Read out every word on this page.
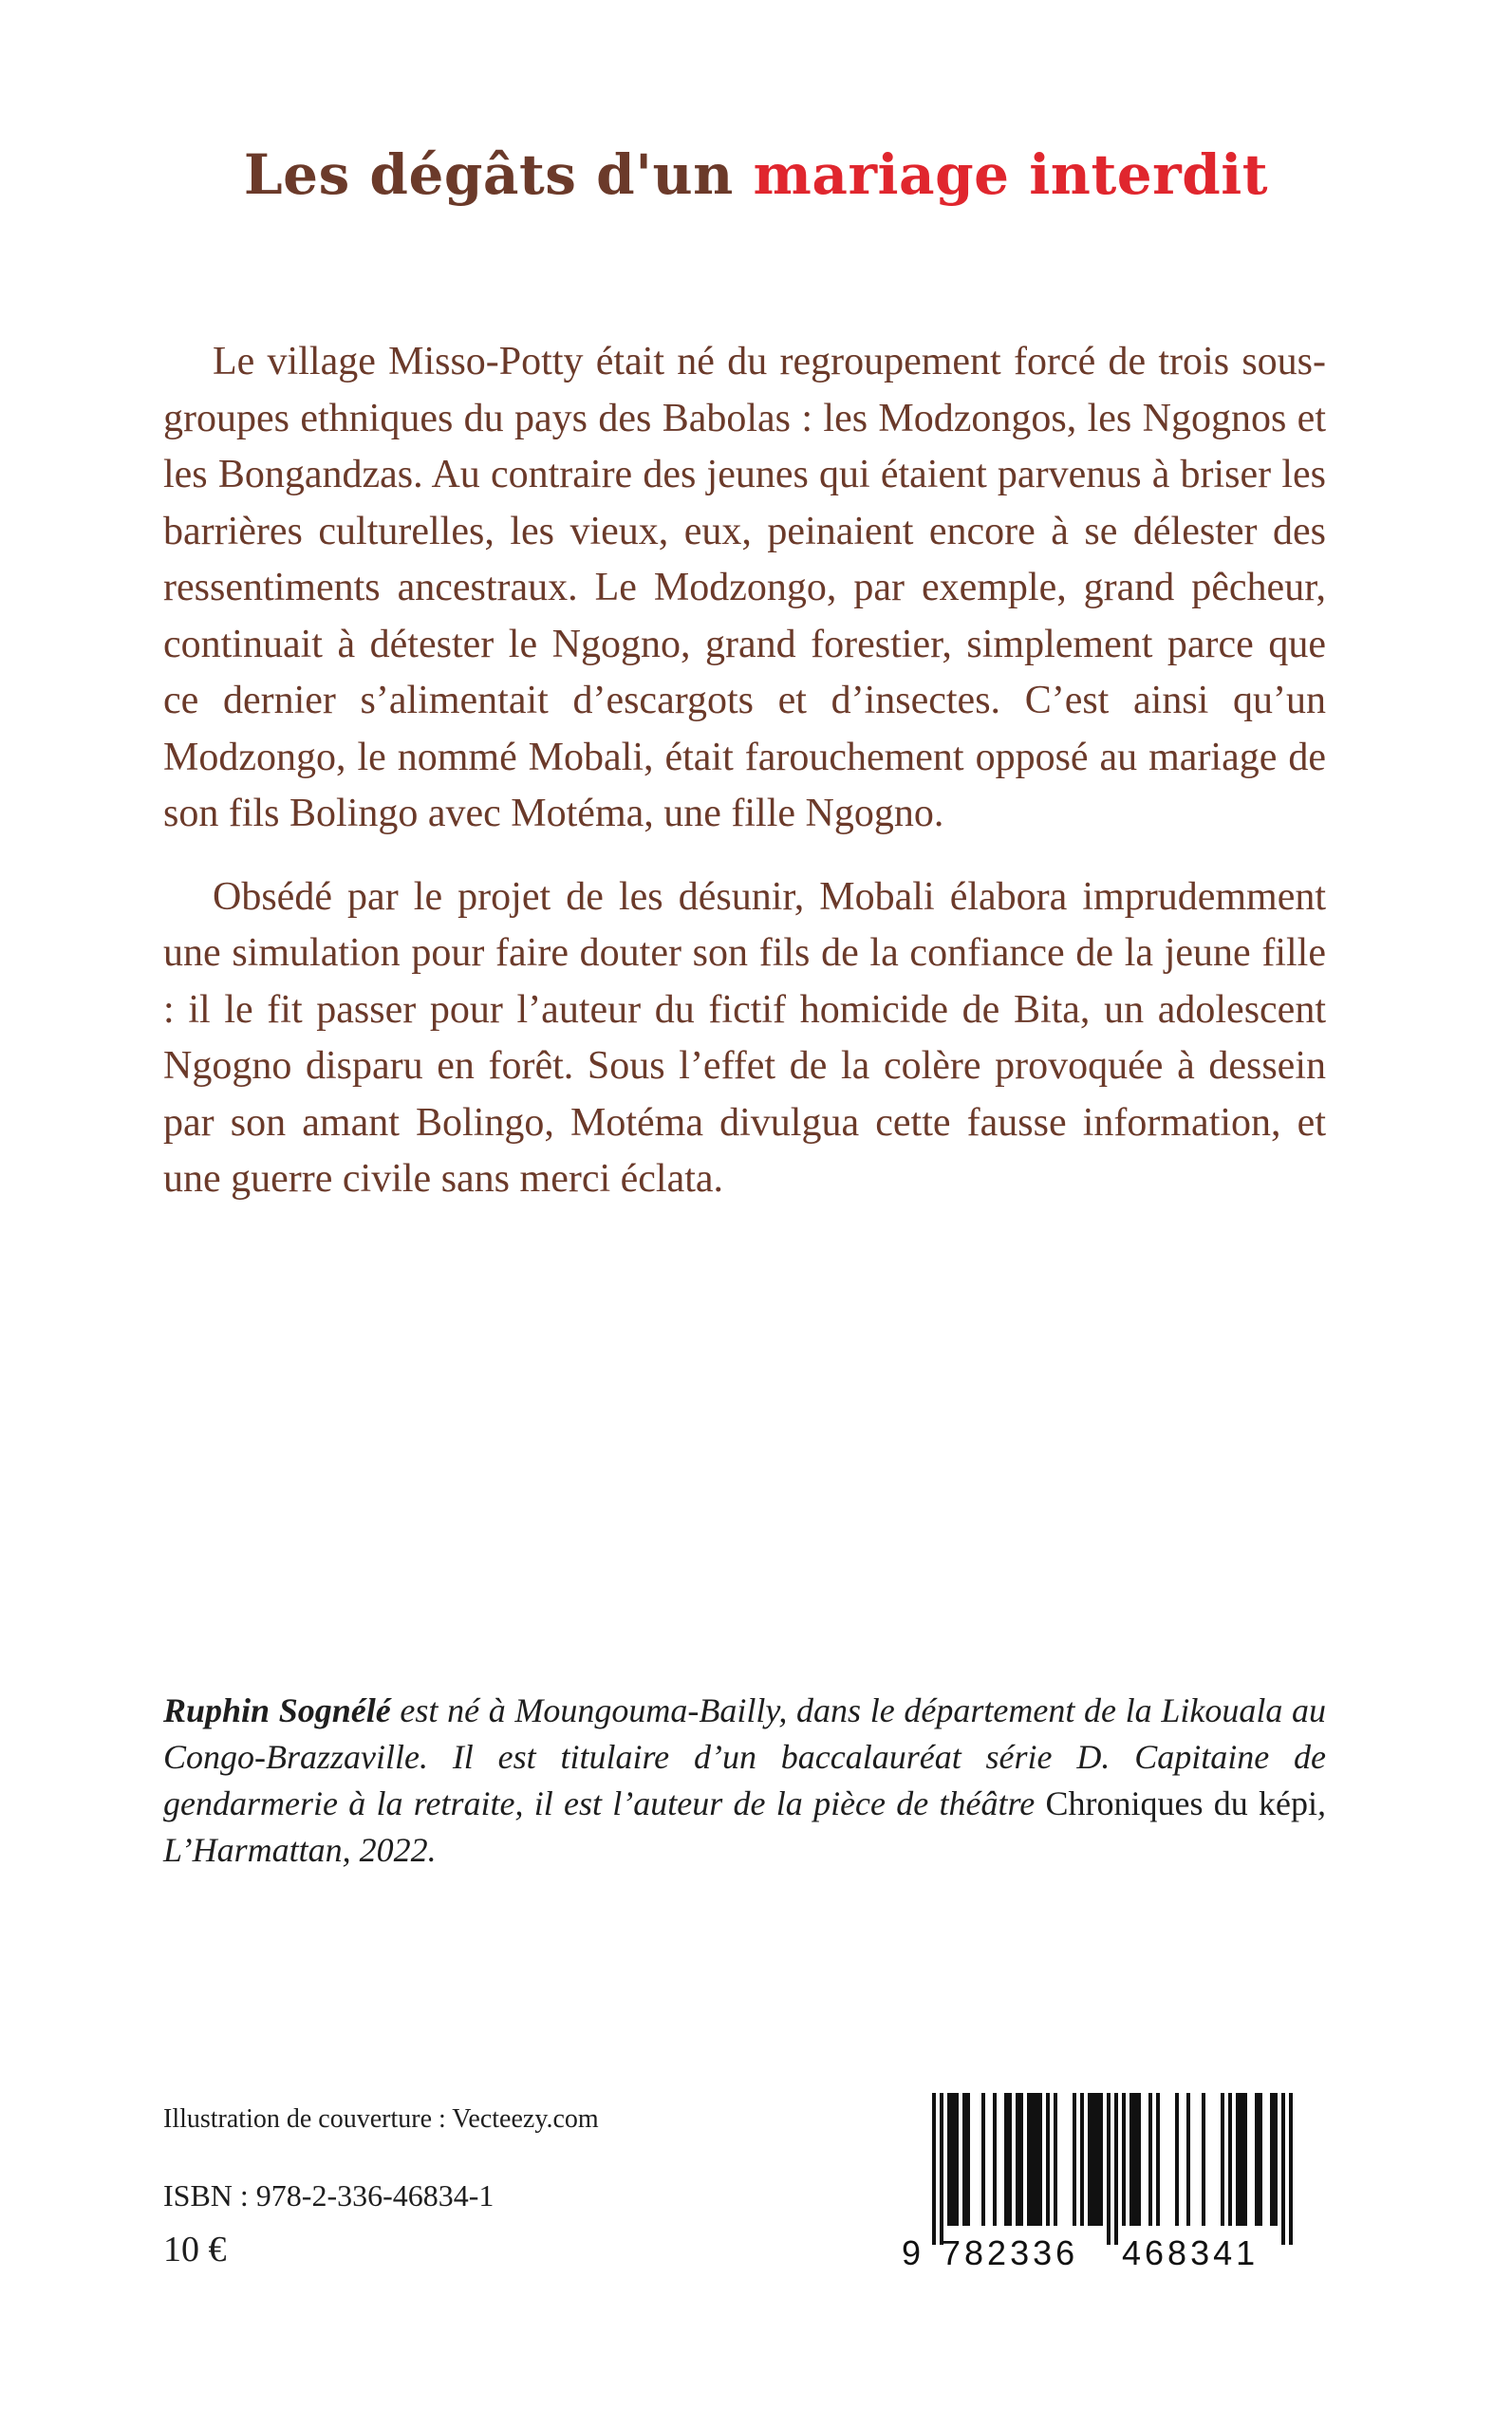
Les dégâts d'un mariage interdit

Le village Misso-Potty était né du regroupement forcé de trois sous-groupes ethniques du pays des Babolas : les Modzongos, les Ngognos et les Bongandzas. Au contraire des jeunes qui étaient parvenus à briser les barrières culturelles, les vieux, eux, peinaient encore à se délester des ressentiments ancestraux. Le Modzongo, par exemple, grand pêcheur, continuait à détester le Ngogno, grand forestier, simplement parce que ce dernier s’alimentait d’escargots et d’insectes. C’est ainsi qu’un Modzongo, le nommé Mobali, était farouchement opposé au mariage de son fils Bolingo avec Motéma, une fille Ngogno.

Obsédé par le projet de les désunir, Mobali élabora imprudemment une simulation pour faire douter son fils de la confiance de la jeune fille : il le fit passer pour l’auteur du fictif homicide de Bita, un adolescent Ngogno disparu en forêt. Sous l’effet de la colère provoquée à dessein par son amant Bolingo, Motéma divulgua cette fausse information, et une guerre civile sans merci éclata.

Ruphin Sognélé est né à Moungouma-Bailly, dans le département de la Likouala au Congo-Brazzaville. Il est titulaire d’un baccalauréat série D. Capitaine de gendarmerie à la retraite, il est l’auteur de la pièce de théâtre Chroniques du képi, L’Harmattan, 2022.
Illustration de couverture : Vecteezy.com
ISBN : 978-2-336-46834-1
10 €	9 782336 468341
